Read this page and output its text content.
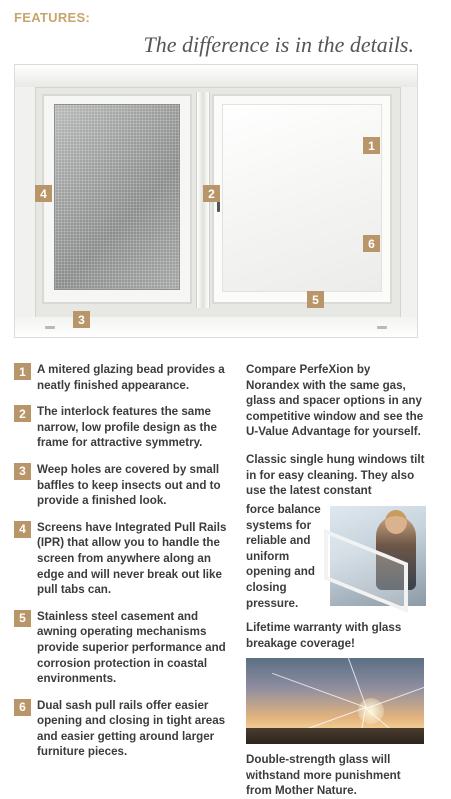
FEATURES:
The difference is in the details.
1
2
3
4
5
6
1 A mitered glazing bead provides a neatly finished appearance.
2 The interlock features the same narrow, low profile design as the frame for attractive symmetry.
3 Weep holes are covered by small baffles to keep insects out and to provide a finished look.
4 Screens have Integrated Pull Rails (IPR) that allow you to handle the screen from anywhere along an edge and will never break out like pull tabs can.
5 Stainless steel casement and awning operating mechanisms provide superior performance and corrosion protection in coastal environments.
6 Dual sash pull rails offer easier opening and closing in tight areas and easier getting around larger furniture pieces.

Compare PerfeXion by Norandex with the same gas, glass and spacer options in any competitive window and see the U-Value Advantage for yourself.

Classic single hung windows tilt in for easy cleaning. They also use the latest constant

force balance systems for reliable and uniform opening and closing pressure.

Lifetime warranty with glass breakage coverage!

Double-strength glass will withstand more punishment from Mother Nature.
